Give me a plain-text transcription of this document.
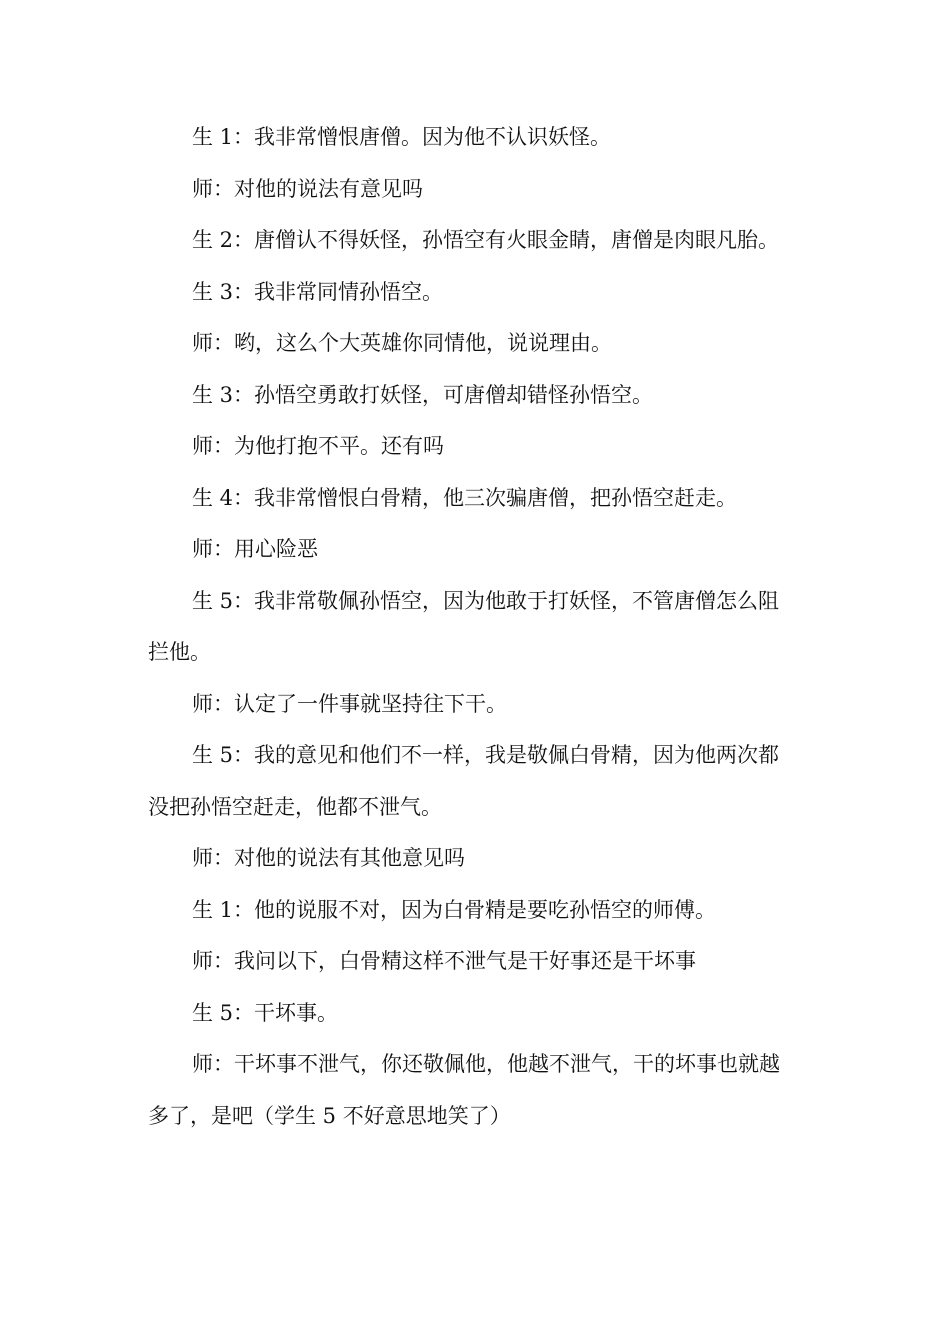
生 1：我非常憎恨唐僧。因为他不认识妖怪。

师：对他的说法有意见吗

生 2：唐僧认不得妖怪，孙悟空有火眼金睛，唐僧是肉眼凡胎。

生 3：我非常同情孙悟空。

师：哟，这么个大英雄你同情他，说说理由。

生 3：孙悟空勇敢打妖怪，可唐僧却错怪孙悟空。

师：为他打抱不平。还有吗

生 4：我非常憎恨白骨精，他三次骗唐僧，把孙悟空赶走。

师：用心险恶

生 5：我非常敬佩孙悟空，因为他敢于打妖怪，不管唐僧怎么阻拦他。

师：认定了一件事就坚持往下干。

生 5：我的意见和他们不一样，我是敬佩白骨精，因为他两次都没把孙悟空赶走，他都不泄气。

师：对他的说法有其他意见吗

生 1：他的说服不对，因为白骨精是要吃孙悟空的师傅。

师：我问以下，白骨精这样不泄气是干好事还是干坏事

生 5：干坏事。

师：干坏事不泄气，你还敬佩他，他越不泄气，干的坏事也就越多了，是吧（学生 5 不好意思地笑了）
